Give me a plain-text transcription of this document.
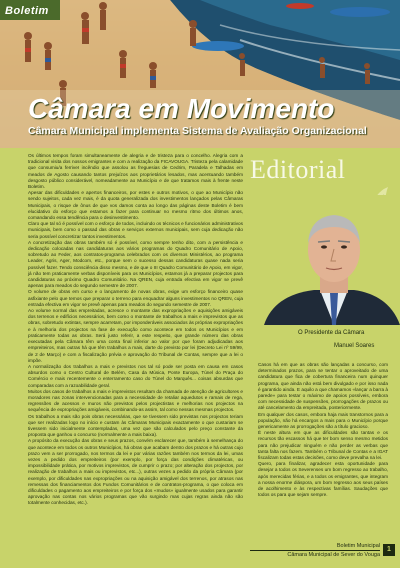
Boletim
Câmara em Movimento
Câmara Municipal implementa Sistema de Avaliação Organizacional

Os últimos tempos foram simultaneamente de alegria e de tristeza para o concelho. Alegria com a tradicional visita dos nossos emigrantes e com a realização da FICAVOUGA. Tristeza pela calamidade que consumiu/a ferriveI incêndio que assolou as freguesias de Cedrim, Paradela e Talhadas em meados de Agosto causando tantos prejuízos aos proprietários lesados, mas acentuando também desgosto público considerável, nomeadamente ao Município e de que tratamos mais à frente neste Boletim.

Apesar das dificuldades e apertos financeiros, por estes e outros motivos, o que ao Município não sendo sujeitos, cada vez mais, é da quota generalizada dos investimentos lançados pelas Câmaras Municipais, o risque de ônus de que vos damos conta ao longo das páginas deste Boletim é bem elucidativo do esforço que estamos a fazer para continuar no mesmo ritmo dos últimos anos, comandando essa tendência para o desinvestimento.

Claro que tal só é possível com o esforço de todos, incluindo os técnicos e funcionários administrativos municipais, bem como o passad das obras e serviços externos municipais, sem cuja dedicação não seria possível concretizar tantos investimentos.

A concretização das obras também só é possível, como sempre tenho dito, com a persistência e dedicação colocadas nas candidaturas aos vários programas do Quadro Comunitário de Apoio, sobretudo ao Feder, aos contratos-programa celebrados com os diversos Ministérios, ao programa Leader, Agris, Ager, Modcom, etc., porque sem o sucesso dessas candidaturas quase nada seria possível fazer. Tendo consciência disso mesmo, e de que o III Quadro Comunitário de Apoio, em vigor, já não tem praticamente verbas disponíveis para os Municípios, estamos já a preparar projectos para candidaturas ao próximo Quadro Comunitário. Na QREN, cuja entrada efectiva em vigor se prevê apenas para meados do segundo semestre de 2007.

O volume de obras em curso e o lançamento de novas obras, exige um esforço financeiro quase asfixiante pelo que temos que preparar o terreno para enquadrar alguns investimentos no QREN, cuja entrada efectiva em vigor se prevê apenas para meados do segundo semestre de 2007.

Ao volume normal das empreitadas, acresce o montante das expropriações e aquisições amigáveis dos terrenos e edifícios necessários, bem como o montante de trabalhos a mais e imprevistos que as obras, sobretudo extintas, sempre acarretam, por imponderáveis associados às próprias expropriações e à melhoria dos projectos na fase de execução como acontece em todos os Municípios e em praticamente todas as obras. Será justo referir, a este respeito, que grande número das obras executadas pela Câmara têm uma conta final inferior ao valor por que foram adjudicadas aos empreiteiros, mas outras há que têm trabalhos a mais, darte do previsto por lei (Decreto Lei nº 59/99, de 2 de Março) e com a fiscalização prévia e aprovação do Tribunal de Contas, sempre que a lei o impõe.

A normalização dos trabalhos a mais e previstos nos tal só pode ser posta em causa em casos absurdos como o Centro Cultural de Belém, Casa da Música, Ponte Europa, Túnel do Praça do Comércio e mais recentemente o enterramento caso do Túnel do Marquês... coisas absurdas que comparadas com a razoabilidade geral.

Muitos dos casos de trabalhos a mais e imprevistos resultam da chamada de atenção de agricultores e moradores nas zonas intervencionadas para a necessidade de retaliar aquedutos e ramais de rega, regressões de acessos e muros não previstos pelos projectistas e melhorias nos projectos na sequência de expropriações amigáveis, combinando-as assim, tal como nessas mesmas projectos.

Os trabalhos a mais são pois obras necessárias, que se tivessem sido previstas nos projectos teriam que ser realizadas logo no início e custam às Câmaras Municipais exactamente o que custariam se tivessem sido inicialmente contempladas, uma vez que são calculados pelo preço constante da proposta que ganhou o concurso (normalmente a mais baixa).

A propósito da execução das obras e seus prazos, convém esclarecer que, também à semelhança do que acontece em todos os outros Municípios, há obras que acabam dentro dos prazos e há outras cujo prazo vem a ser prorrogado, nos termos da lei e por várias razões também nos termos da lei, umas vezes a pedido dos empreiteiros (por exemplo, por força das condições climatéricas, ou impossibilidade prática, por motivos imprevistos, de cumprir o prazo; por alteração dos projectos, por realização de trabalhos a mais ou imprevistos, etc...), outras vezes a pedido da própria Câmara (por exemplo, por dificuldades nas expropriações ou na aquisição amigável dos terrenos, por atrasos nas remessas dos financiamentos dos Fundos Comunitários e de contratos-programa, o que coloca em dificuldades o pagamento aos empreiteiros e por força dos «mudos» igualmente usados para garantir aprovação nas contas nos vários programas que vão surgindo mas cujas regras ainda não são totalmente conhecidas, etc.).

Editorial
O Presidente da Câmara
Manuel Soares

Casos há em que as obras são lançadas a concurso, com determinados prazos, para se tentar o aproveitado de uma candidatura que fica de cobertura financeira num quinquer programa, que ainda não está bem divulgado e por isso nada é garantido ainda. E aquilo a que chamamos «lançar a barra à parede» para testar o máximo de apoios possíveis, embora com necessidade de suspensões, prorrogações de prazos ou até cancelamento da empreitada, posteriormente.

Em qualquer dos casos, embora haja mais transtornos para a população, não há encargos a mais para o Município porque genericamente as prorrogações são a título gracioso.

É neste altura em que as dificuldades são tantas e os recursos tão escassos há que ter bom senso mesmo metidos para não prejudicar ninguém e não perder as verbas que tanta falta nos fazem. Também o Tribunal de Contas e a IGAT fiscalizam todas estas decisões, como deve prevalha na lei.

Quero, para finalizar, agradecer esta oportunidade para desejar a todos os Severenses um bom regresso ao trabalho, após merecidas férias, e a todos os emigrantes, que integram a nossa enorme diáspora, um bom regresso aos seus países de acolhimento e às respectivas famílias. Saudações que todos os para que sejam sempre.

Boletim Municipal
Câmara Municipal de Sever do Vouga
1
